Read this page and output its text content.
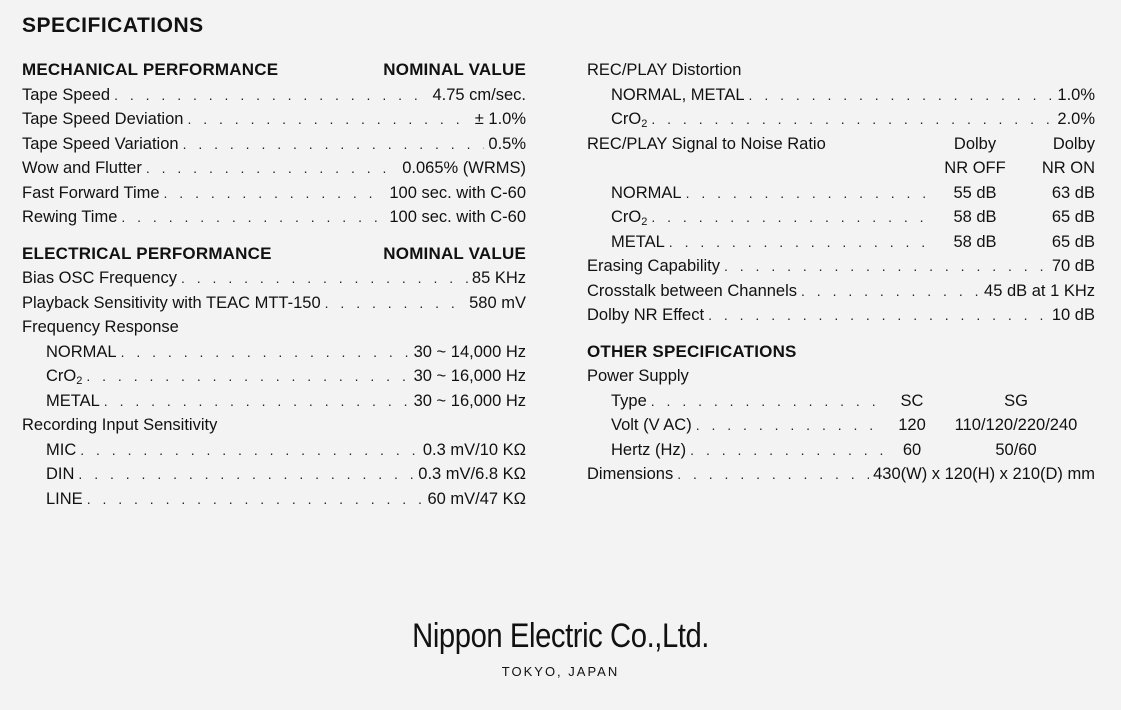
SPECIFICATIONS
MECHANICAL PERFORMANCE	NOMINAL VALUE
Tape Speed . . .	4.75 cm/sec.
Tape Speed Deviation . . .	± 1.0%
Tape Speed Variation . . .	0.5%
Wow and Flutter . . .	0.065% (WRMS)
Fast Forward Time . . .	100 sec. with C-60
Rewing Time . . .	100 sec. with C-60
ELECTRICAL PERFORMANCE	NOMINAL VALUE
Bias OSC Frequency . . .	85 KHz
Playback Sensitivity with TEAC MTT-150 . . .	580 mV
Frequency Response
NORMAL . . .	30 ~ 14,000 Hz
CrO$_2$ . . .	30 ~ 16,000 Hz
METAL . . .	30 ~ 16,000 Hz
Recording Input Sensitivity
MIC . . .	0.3 mV/10 KΩ
DIN . . .	0.3 mV/6.8 KΩ
LINE . . .	60 mV/47 KΩ
REC/PLAY Distortion
NORMAL, METAL . . .	1.0%
CrO$_2$ . . .	2.0%
REC/PLAY Signal to Noise Ratio	Dolby	Dolby
NR OFF	NR ON
NORMAL . . .	55 dB	63 dB
CrO$_2$ . . .	58 dB	65 dB
METAL . . .	58 dB	65 dB
Erasing Capability . . .	70 dB
Crosstalk between Channels . . .	45 dB at 1 KHz
Dolby NR Effect . . .	10 dB
OTHER SPECIFICATIONS
Power Supply
Type . . .	SC	SG
Volt (V AC) . . .	120	110/120/220/240
Hertz (Hz) . . .	60	50/60
Dimensions . . .	430(W) x 120(H) x 210(D) mm
Nippon Electric Co.,Ltd.
TOKYO, JAPAN
